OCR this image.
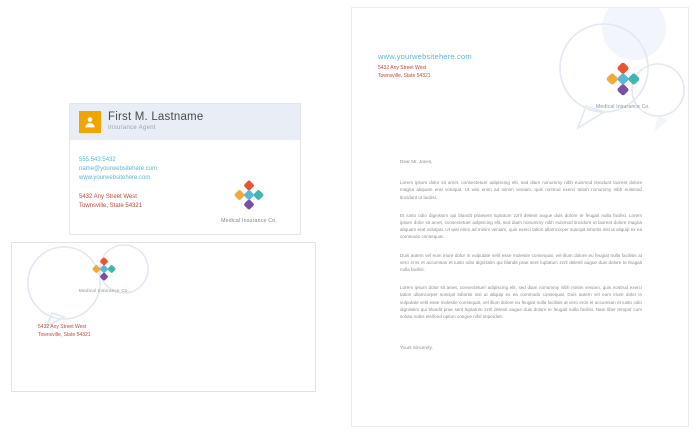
First M. Lastname
Insurance Agent
555.543.5432
name@yourwebsitehere.com
www.yourwebsitehere.com
5432 Any Street West
Townsville, State 54321
Medical Insurance Co.
Medical Insurance Co.
5432 Any Street West
Townsville, State 54321
www.yourwebsitehere.com
5432 Any Street West
Townsville, State 54321
Medical Insurance Co.
Dear Mr. Jones,

Lorem ipsum dolor sit amet, consectetuer adipiscing elit, sed diam nonummy nibh euismod tincidunt laoreet dolore magna aliquam erat volutpat. Ut wisi enim ad minim veniam, quis nostrud exerci tation nonummy nibh euismod tincidunt ut lacilisi.

Et iusto odio dignissim qui blandit praesent luptatum zzril delenit augue duis dolore te feugait nulla facilisi. Lorem ipsum dolor sit amet, consectetuer adipiscing elit, sed diam nonummy nibh euismod tincidunt ut laoreet dolore magna aliquam erat volutpat. Ut wisi enim ad minim veniam, quis exerci tation ullamcorper suscipit lobortis nisl ut aliquip ex ea commodo consequat.

Duis autem vel eum iriure dolor in vulputate velit esse molestie consequat, vel illum dolore eu feugiat nulla facilisis at vero eros et accumsan et iusto odio dignissim qui blandit prae sent luptatum zzril delenit augue duis dolore te feugait nulla facilisi.

Lorem ipsum dolor sit amet, consectetuer adipiscing elit, sed diam nonummy nibh minim veniam, quis nostrud exerci tation ullamcorper suscipit lobortis nisl ut aliquip ex ea commodo consequat. Duis autem vel eum iriure dolor in vulputate velit esse molestie consequat, vel illum dolore eu feugiat nulla facilisis at vero eros et accumsan et iusto odio dignissim qui blandit prae sent luptatum zzril delenit augue duis dolore te feugait nulla facilisi. Nam liber tempor cum soluta nobis eleifend option congue nihil imperdiet.

Yours Sincerely,
